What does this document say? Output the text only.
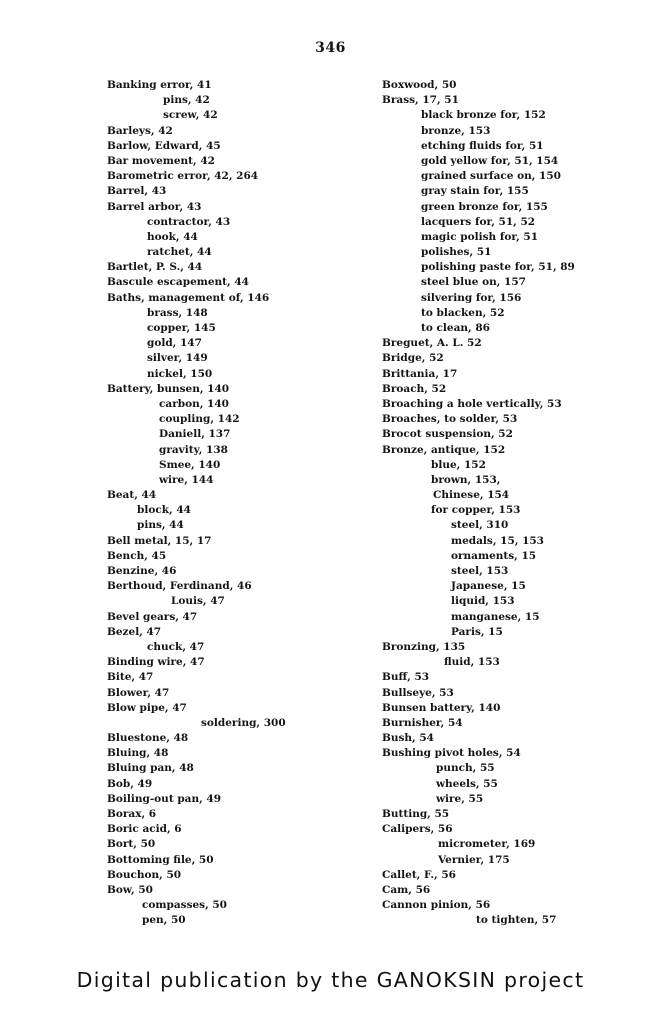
346
Banking error, 41
pins, 42
screw, 42
Barleys, 42
Barlow, Edward, 45
Bar movement, 42
Barometric error, 42, 264
Barrel, 43
Barrel arbor, 43
contractor, 43
hook, 44
ratchet, 44
Bartlet, P. S., 44
Bascule escapement, 44
Baths, management of, 146
brass, 148
copper, 145
gold, 147
silver, 149
nickel, 150
Battery, bunsen, 140
carbon, 140
coupling, 142
Daniell, 137
gravity, 138
Smee, 140
wire, 144
Beat, 44
block, 44
pins, 44
Bell metal, 15, 17
Bench, 45
Benzine, 46
Berthoud, Ferdinand, 46
Louis, 47
Bevel gears, 47
Bezel, 47
chuck, 47
Binding wire, 47
Bite, 47
Blower, 47
Blow pipe, 47
soldering, 300
Bluestone, 48
Bluing, 48
Bluing pan, 48
Bob, 49
Boiling-out pan, 49
Borax, 6
Boric acid, 6
Bort, 50
Bottoming file, 50
Bouchon, 50
Bow, 50
compasses, 50
pen, 50
Boxwood, 50
Brass, 17, 51
black bronze for, 152
bronze, 153
etching fluids for, 51
gold yellow for, 51, 154
grained surface on, 150
gray stain for, 155
green bronze for, 155
lacquers for, 51, 52
magic polish for, 51
polishes, 51
polishing paste for, 51, 89
steel blue on, 157
silvering for, 156
to blacken, 52
to clean, 86
Breguet, A. L. 52
Bridge, 52
Brittania, 17
Broach, 52
Broaching a hole vertically, 53
Broaches, to solder, 53
Brocot suspension, 52
Bronze, antique, 152
blue, 152
brown, 153,
Chinese, 154
for copper, 153
steel, 310
medals, 15, 153
ornaments, 15
steel, 153
Japanese, 15
liquid, 153
manganese, 15
Paris, 15
Bronzing, 135
fluid, 153
Buff, 53
Bullseye, 53
Bunsen battery, 140
Burnisher, 54
Bush, 54
Bushing pivot holes, 54
punch, 55
wheels, 55
wire, 55
Butting, 55
Calipers, 56
micrometer, 169
Vernier, 175
Callet, F., 56
Cam, 56
Cannon pinion, 56
to tighten, 57
Digital publication by the GANOKSIN project
